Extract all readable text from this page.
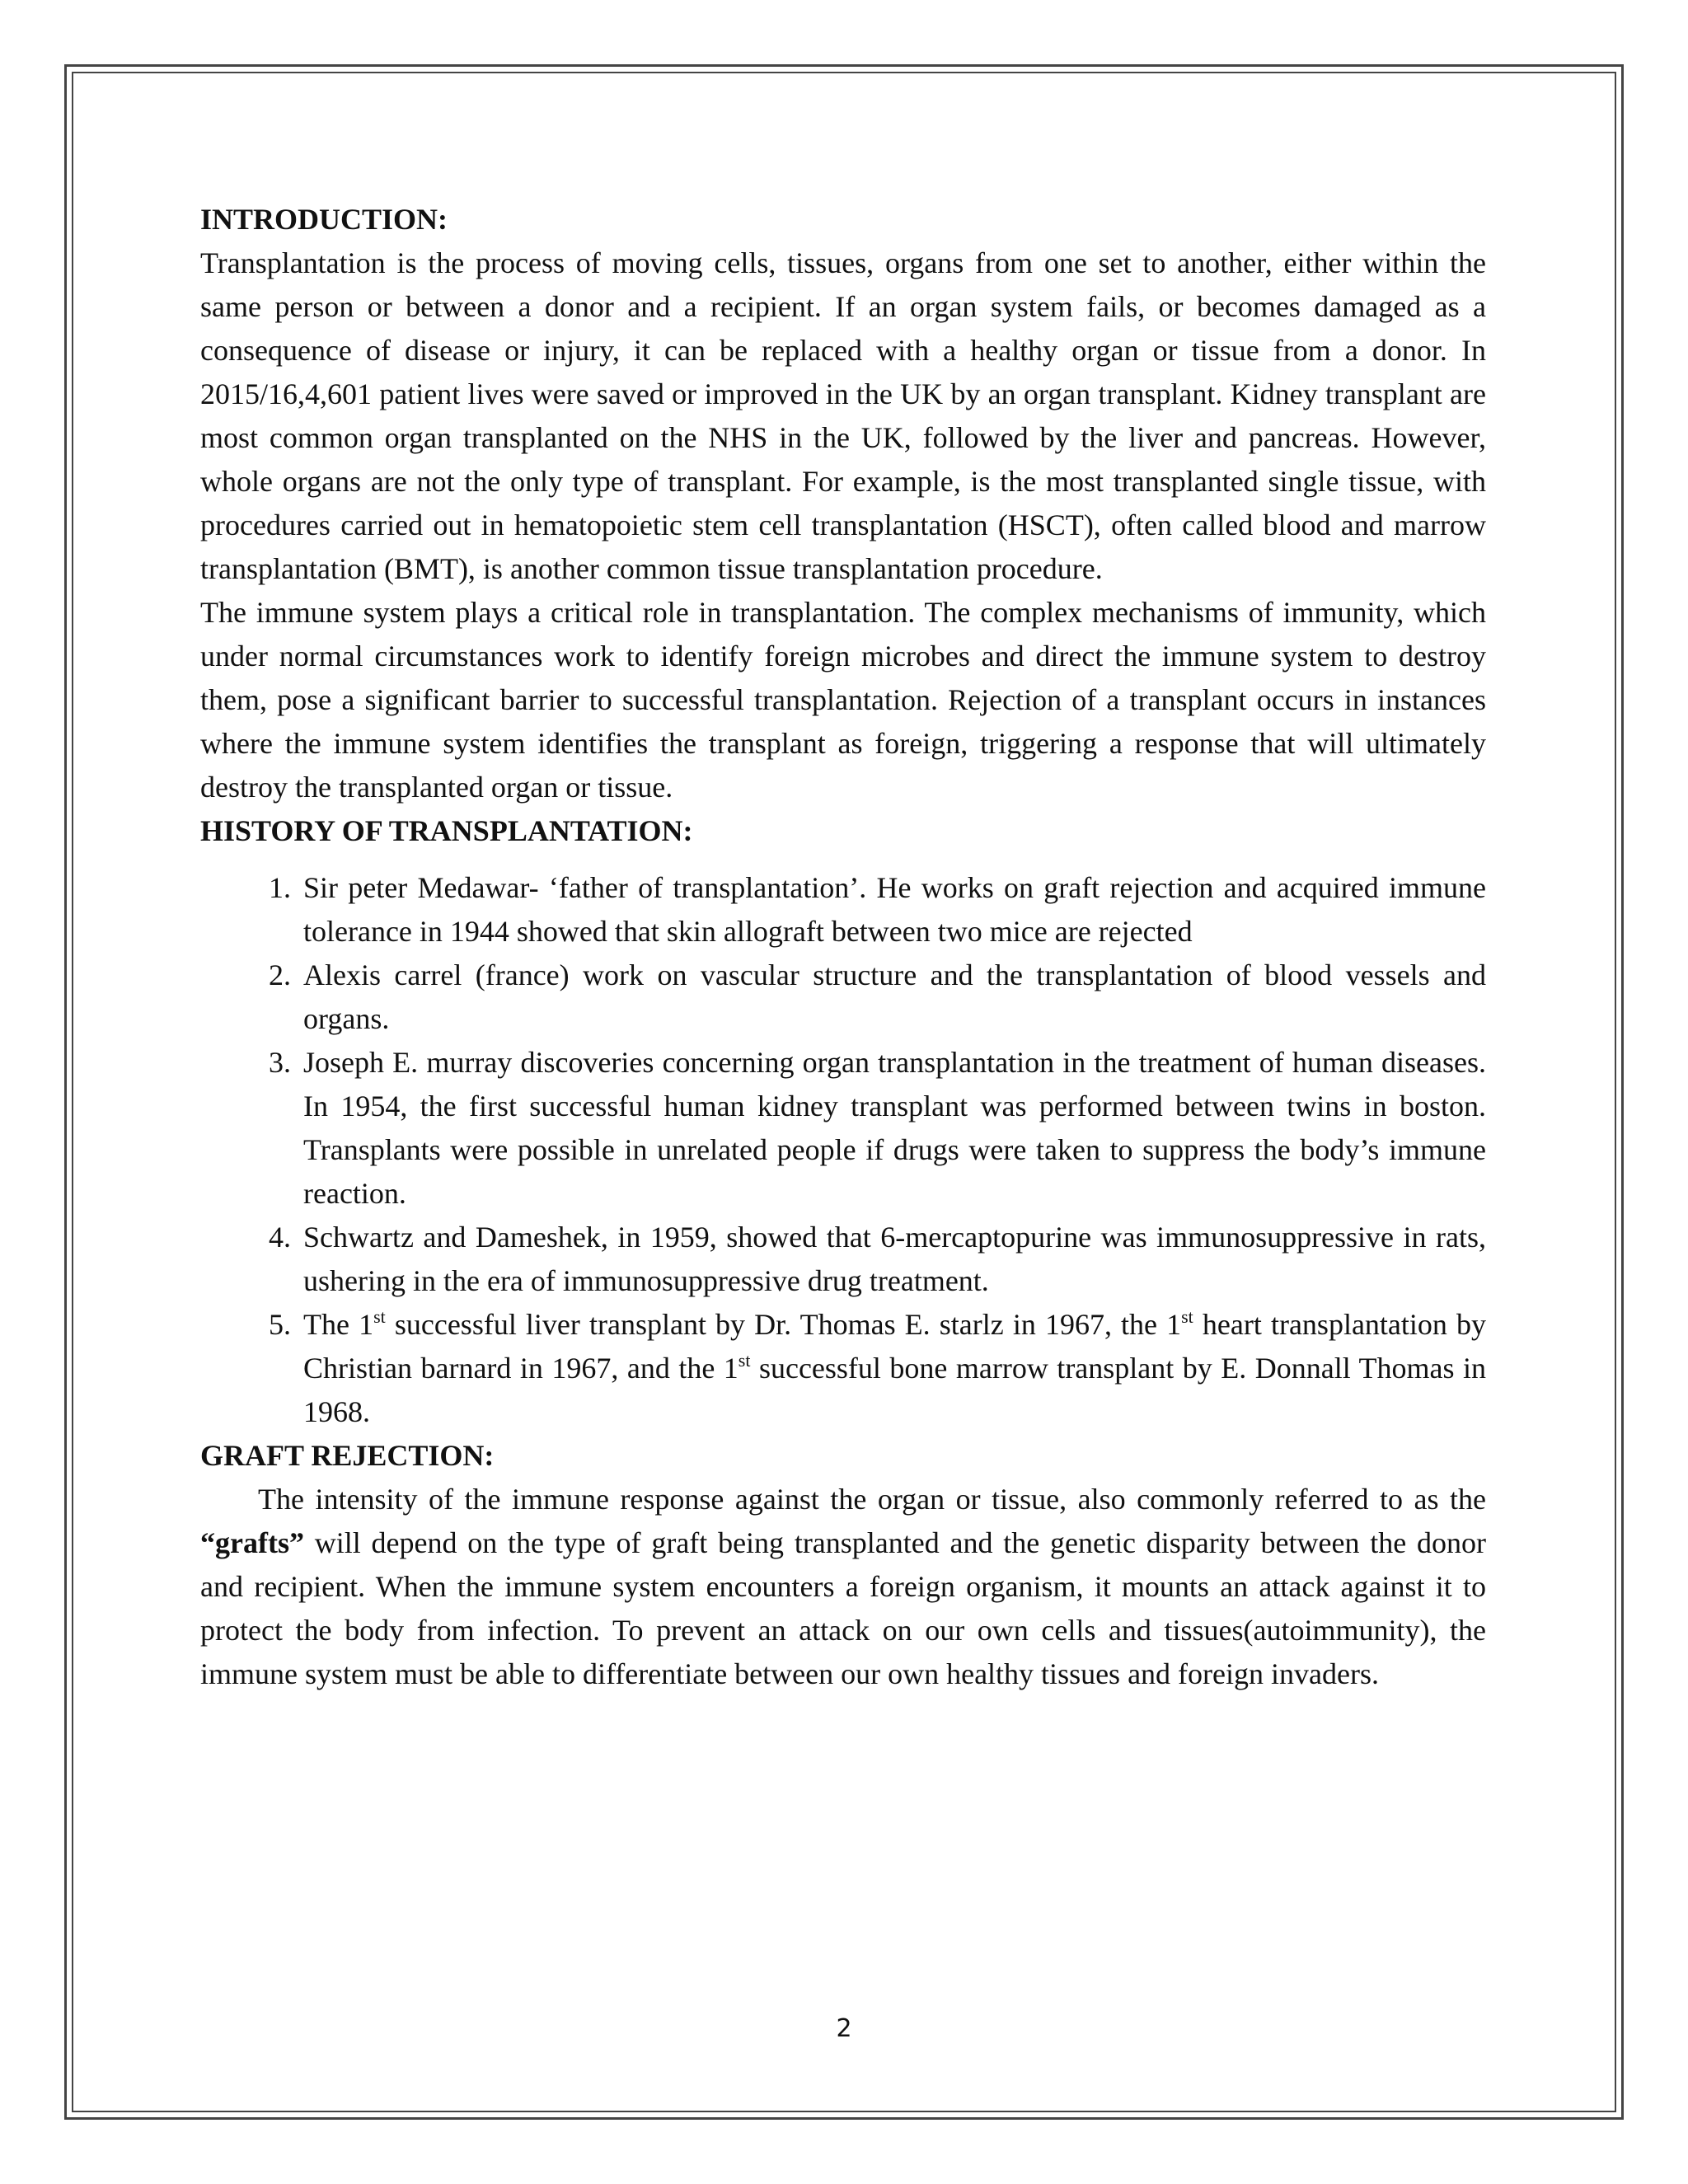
INTRODUCTION:

Transplantation is the process of moving cells, tissues, organs from one set to another, either within the same person or between a donor and a recipient. If an organ system fails, or becomes damaged as a consequence of disease or injury, it can be replaced with a healthy organ or tissue from a donor. In 2015/16,4,601 patient lives were saved or improved in the UK by an organ transplant. Kidney transplant are most common organ transplanted on the NHS in the UK, followed by the liver and pancreas. However, whole organs are not the only type of transplant. For example, is the most transplanted single tissue, with procedures carried out in hematopoietic stem cell transplantation (HSCT), often called blood and marrow transplantation (BMT), is another common tissue transplantation procedure.

The immune system plays a critical role in transplantation. The complex mechanisms of immunity, which under normal circumstances work to identify foreign microbes and direct the immune system to destroy them, pose a significant barrier to successful transplantation. Rejection of a transplant occurs in instances where the immune system identifies the transplant as foreign, triggering a response that will ultimately destroy the transplanted organ or tissue.

HISTORY OF TRANSPLANTATION:
1. Sir peter Medawar- ‘father of transplantation’. He works on graft rejection and acquired immune tolerance in 1944 showed that skin allograft between two mice are rejected
2. Alexis carrel (france) work on vascular structure and the transplantation of blood vessels and organs.
3. Joseph E. murray discoveries concerning organ transplantation in the treatment of human diseases. In 1954, the first successful human kidney transplant was performed between twins in boston. Transplants were possible in unrelated people if drugs were taken to suppress the body’s immune reaction.
4. Schwartz and Dameshek, in 1959, showed that 6-mercaptopurine was immunosuppressive in rats, ushering in the era of immunosuppressive drug treatment.
5. The 1st successful liver transplant by Dr. Thomas E. starlz in 1967, the 1st heart transplantation by Christian barnard in 1967, and the 1st successful bone marrow transplant by E. Donnall Thomas in 1968.
GRAFT REJECTION:

The intensity of the immune response against the organ or tissue, also commonly referred to as the “grafts” will depend on the type of graft being transplanted and the genetic disparity between the donor and recipient. When the immune system encounters a foreign organism, it mounts an attack against it to protect the body from infection. To prevent an attack on our own cells and tissues(autoimmunity), the immune system must be able to differentiate between our own healthy tissues and foreign invaders.

2
